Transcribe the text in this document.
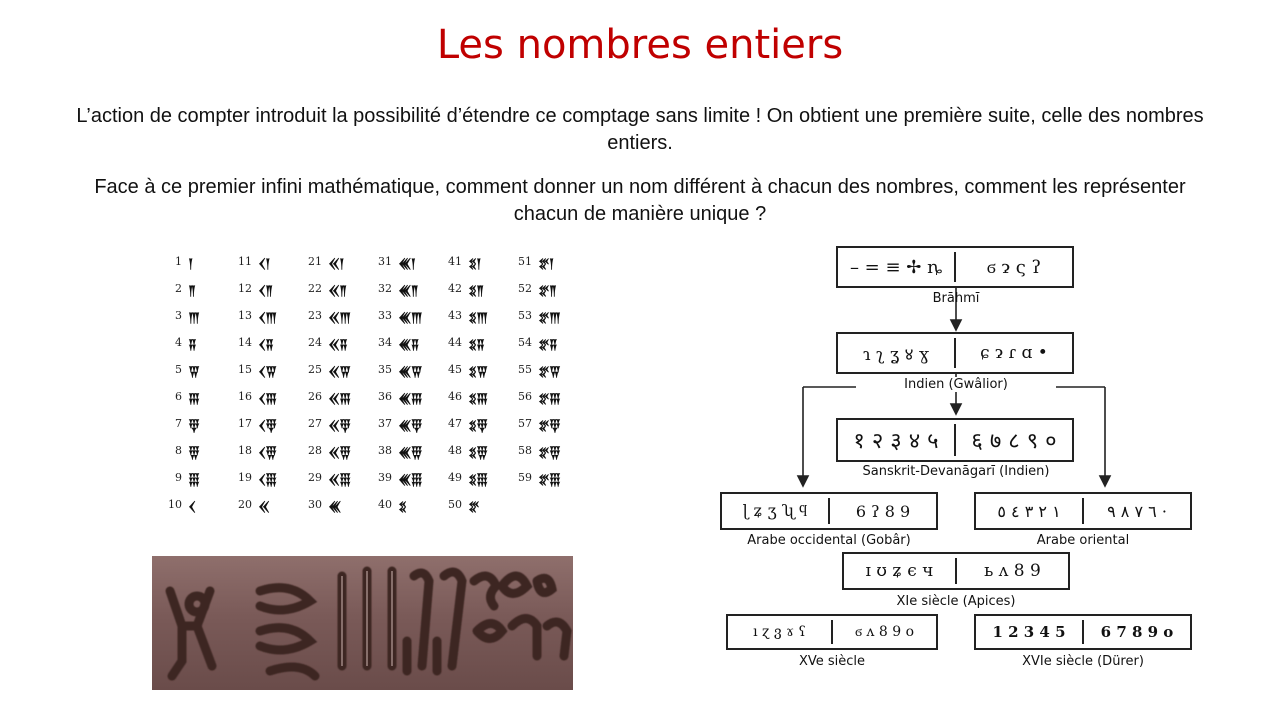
Les nombres entiers
L’action de compter introduit la possibilité d’étendre ce comptage sans limite ! On obtient une première suite, celle des nombres entiers.
Face à ce premier infini mathématique, comment donner un nom différent à chacun des nombres, comment les représenter chacun de manière unique ?
1 𒁹
2 𒈫
3 𒐈
4 𒐉
5 𒐊
6 𒐋
7 𒑂
8 𒑄
9 𒑆
10 𒌋
11 𒌋𒁹
12 𒌋𒈫
13 𒌋𒐈
14 𒌋𒐉
15 𒌋𒐊
16 𒌋𒐋
17 𒌋𒑂
18 𒌋𒑄
19 𒌋𒑆
20 𒎙
21 𒎙𒁹
22 𒎙𒈫
23 𒎙𒐈
24 𒎙𒐉
25 𒎙𒐊
26 𒎙𒐋
27 𒎙𒑂
28 𒎙𒑄
29 𒎙𒑆
30 𒌍
31 𒌍𒁹
32 𒌍𒈫
33 𒌍𒐈
34 𒌍𒐉
35 𒌍𒐊
36 𒌍𒐋
37 𒌍𒑂
38 𒌍𒑄
39 𒌍𒑆
40 𒐏
41 𒐏𒁹
42 𒐏𒈫
43 𒐏𒐈
44 𒐏𒐉
45 𒐏𒐊
46 𒐏𒐋
47 𒐏𒑂
48 𒐏𒑄
49 𒐏𒑆
50 𒐐
51 𒐐𒁹
52 𒐐𒈫
53 𒐐𒐈
54 𒐐𒐉
55 𒐐𒐊
56 𒐐𒐋
57 𒐐𒑂
58 𒐐𒑄
59 𒐐𒑆
– = ≡ ✢ ȵ	ϭ ɂ ς ʔ
Brāhmī
ɿ ʅ ʓ ४ ɣ	ɕ ɂ ɾ ɑ •
Indien (Gwâlior)
१ २ ३ ४ ५	६ ७ ८ ९ ०
Sanskrit-Devanāgarī (Indien)
ɭ ʑ ʒ ʯ ϥ	6 ʔ 8 9
Arabe occidental (Gobâr)
١ ٢ ٣ ٤ ٥	٦ ٧ ٨ ٩ ·
Arabe oriental
ɪ ʊ ʑ ϵ ч	ь ʌ 8 9
XIe siècle (Apices)
ı ɀ ვ ɤ ʕ	ϭ ʌ 8 9 o
XVe siècle
1 2 3 4 5	6 7 8 9 o
XVIe siècle (Dürer)
